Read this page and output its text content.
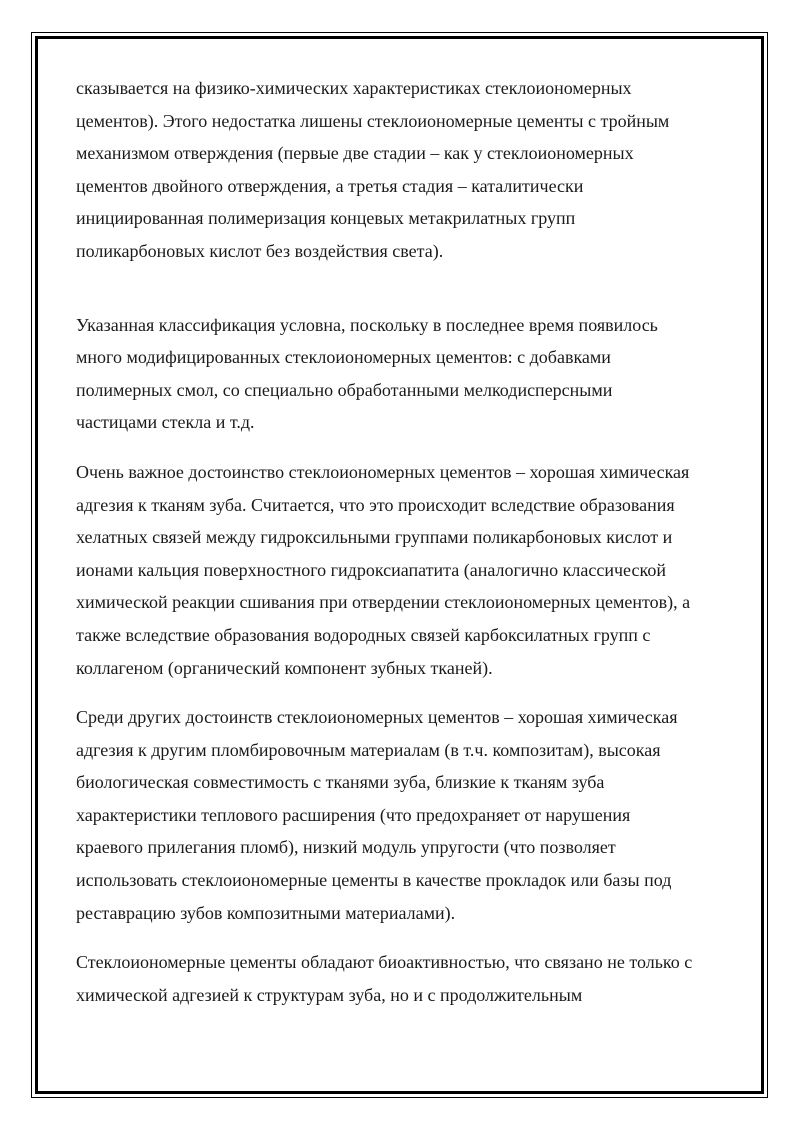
сказывается на физико-химических характеристиках стеклоиономерных
цементов). Этого недостатка лишены стеклоиономерные цементы с тройным
механизмом отверждения (первые две стадии – как у стеклоиономерных
цементов двойного отверждения, а третья стадия – каталитически
инициированная полимеризация концевых метакрилатных групп
поликарбоновых кислот без воздействия света).

Указанная классификация условна, поскольку в последнее время появилось
много модифицированных стеклоиономерных цементов: с добавками
полимерных смол, со специально обработанными мелкодисперсными
частицами стекла и т.д.

Очень важное достоинство стеклоиономерных цементов – хорошая химическая
адгезия к тканям зуба. Считается, что это происходит вследствие образования
хелатных связей между гидроксильными группами поликарбоновых кислот и
ионами кальция поверхностного гидроксиапатита (аналогично классической
химической реакции сшивания при отвердении стеклоиономерных цементов), а
также вследствие образования водородных связей карбоксилатных групп с
коллагеном (органический компонент зубных тканей).

Среди других достоинств стеклоиономерных цементов – хорошая химическая
адгезия к другим пломбировочным материалам (в т.ч. композитам), высокая
биологическая совместимость с тканями зуба, близкие к тканям зуба
характеристики теплового расширения (что предохраняет от нарушения
краевого прилегания пломб), низкий модуль упругости (что позволяет
использовать стеклоиономерные цементы в качестве прокладок или базы под
реставрацию зубов композитными материалами).

Стеклоиономерные цементы обладают биоактивностью, что связано не только с
химической адгезией к структурам зуба, но и с продолжительным
